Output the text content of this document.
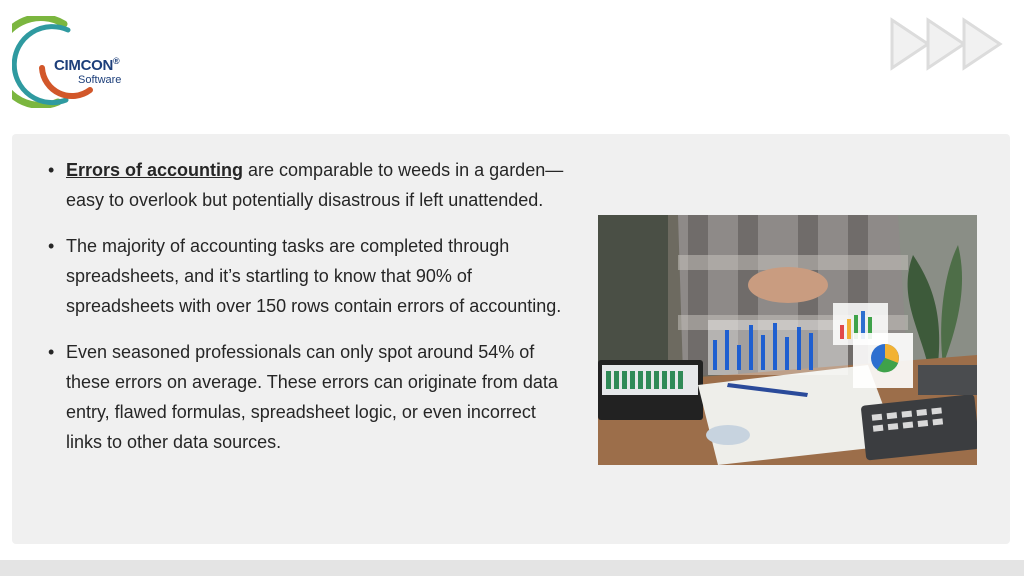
CIMCON®
Software
• Errors of accounting are comparable to weeds in a garden—easy to overlook but potentially disastrous if left unattended.
• The majority of accounting tasks are completed through spreadsheets, and it’s startling to know that 90% of spreadsheets with over 150 rows contain errors of accounting.
• Even seasoned professionals can only spot around 54% of these errors on average. These errors can originate from data entry, flawed formulas, spreadsheet logic, or even incorrect links to other data sources.
